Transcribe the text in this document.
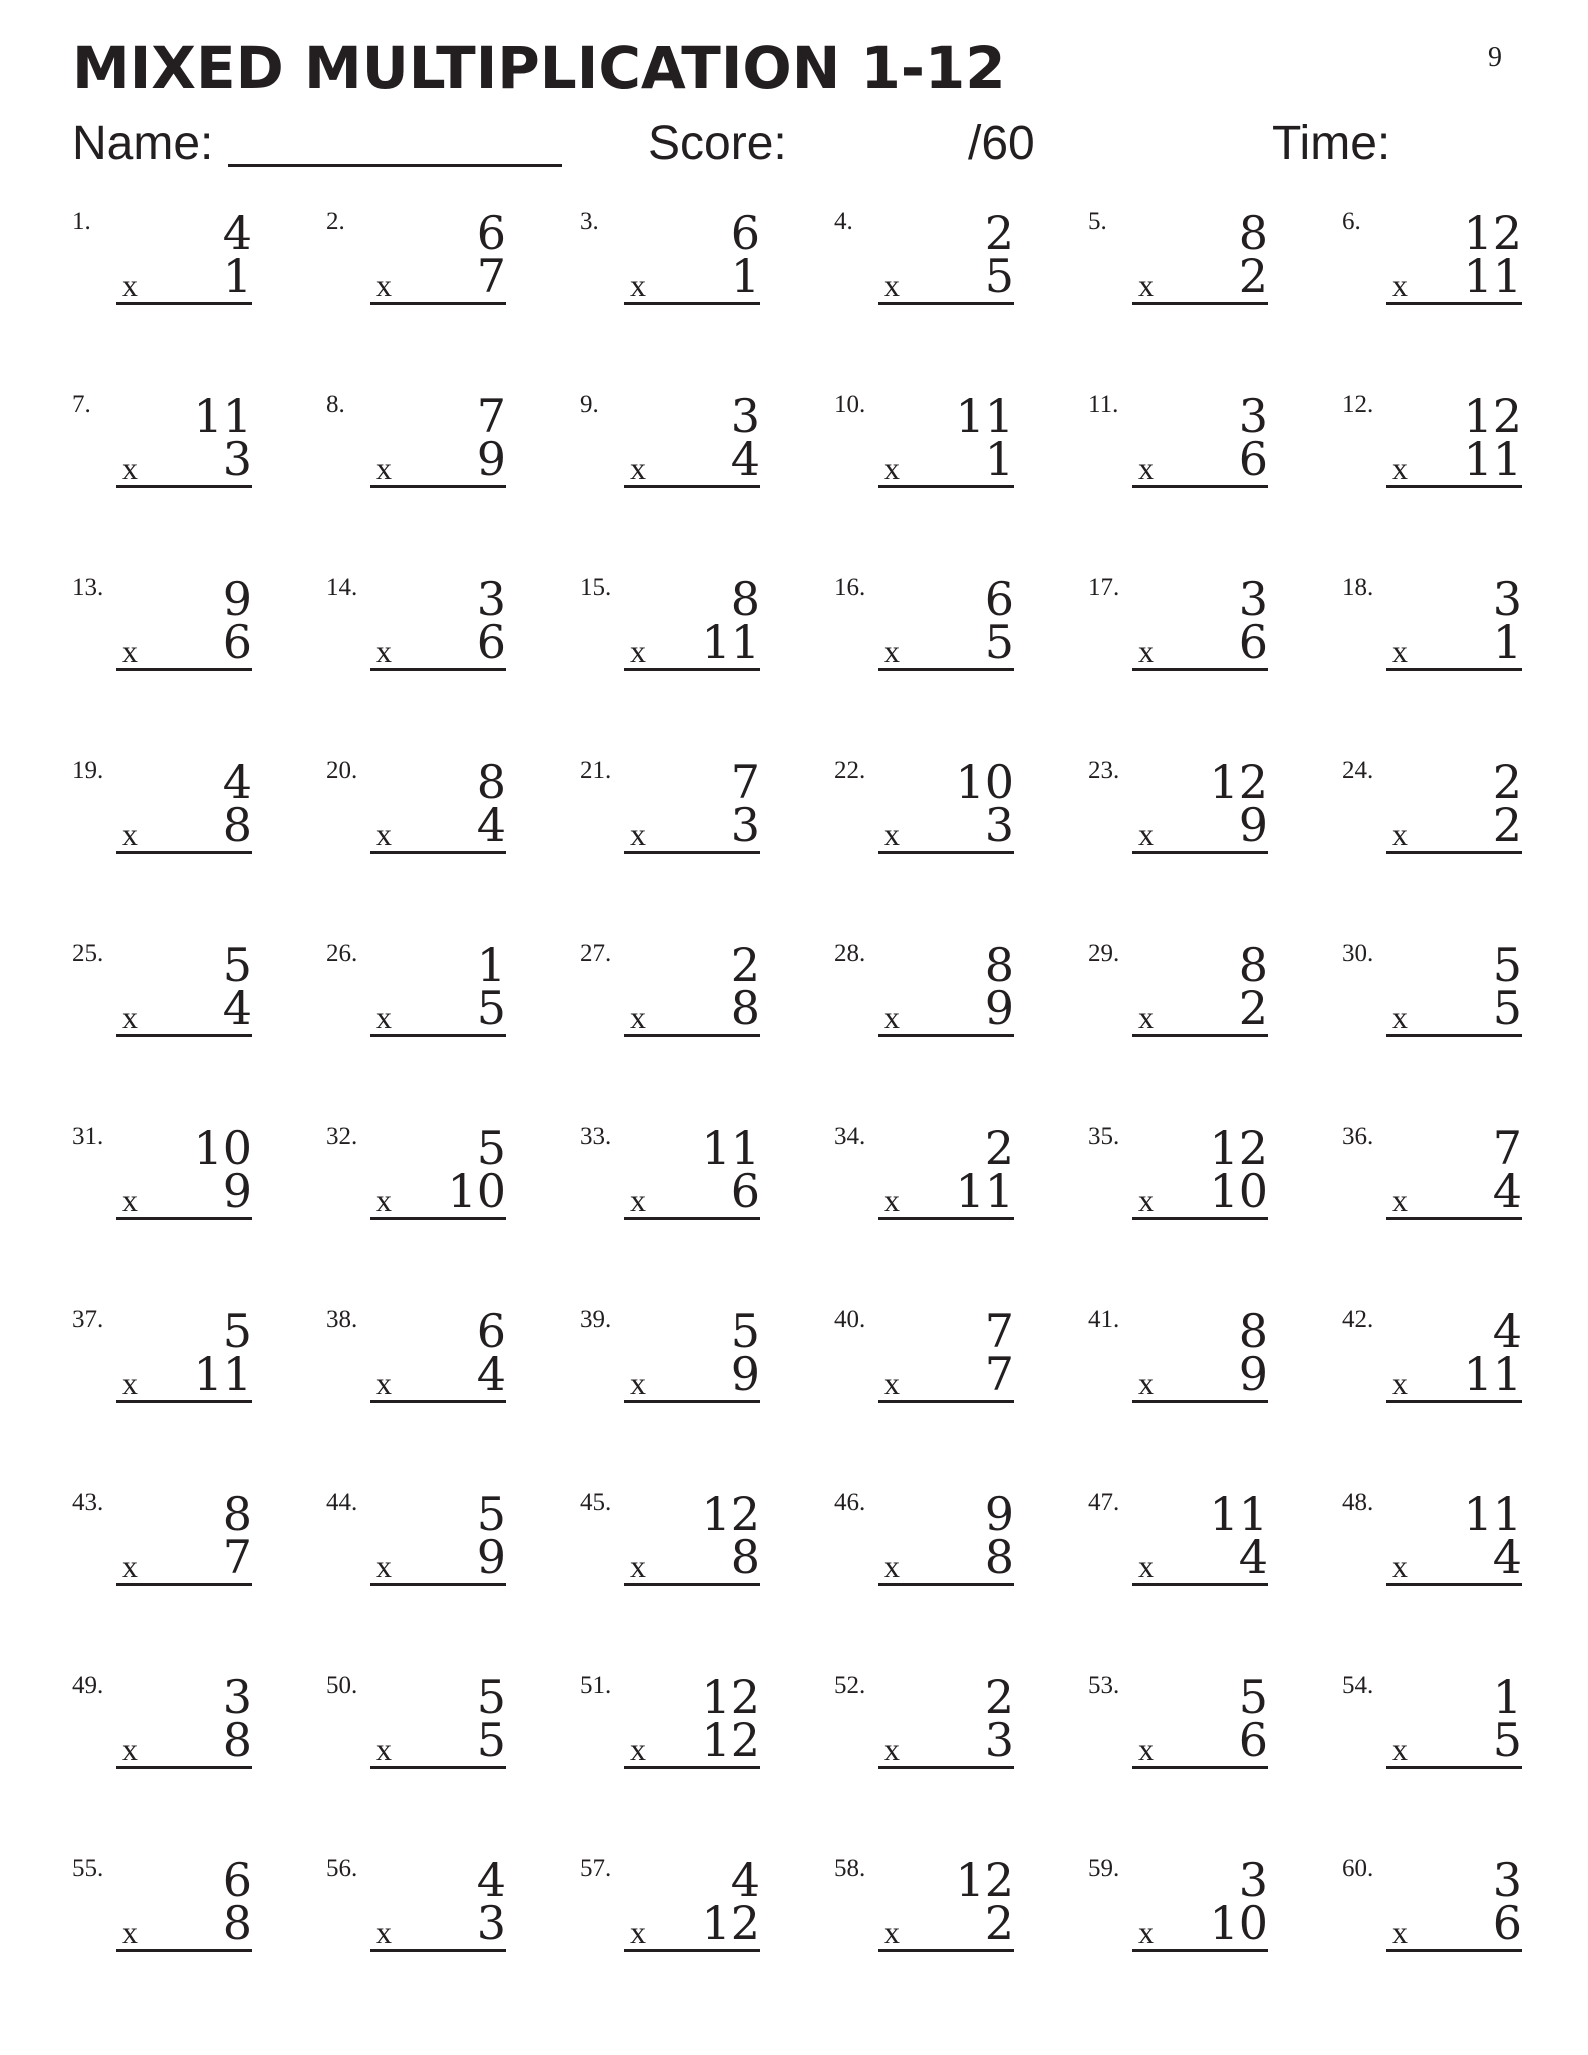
MIXED MULTIPLICATION 1-12	9
Name:	Score:	/60	Time:
1.	4
x 1
2.	6
x 7
3.	6
x 1
4.	2
x 5
5.	8
x 2
6. 12
x 11
7. 11
x 3
8.	7
x 9
9.	3
x 4
10. 11
x 1
11.	3
x 6
12. 12
x 11
13.	9
x 6
14.	3
x 6
15.	8
x 11
16.	6
x 5
17.	3
x 6
18.	3
x 1
19.	4
x 8
20.	8
x 4
21.	7
x 3
22. 10
x 3
23. 12
x 9
24.	2
x 2
25.	5
x 4
26.	1
x 5
27.	2
x 8
28.	8
x 9
29.	8
x 2
30.	5
x 5
31. 10
x 9
32.	5
x 10
33. 11
x 6
34.	2
x 11
35. 12
x 10
36.	7
x 4
37.	5
x 11
38.	6
x 4
39.	5
x 9
40.	7
x 7
41.	8
x 9
42.	4
x 11
43.	8
x 7
44.	5
x 9
45. 12
x 8
46.	9
x 8
47. 11
x 4
48. 11
x 4
49.	3
x 8
50.	5
x 5
51. 12
x 12
52.	2
x 3
53.	5
x 6
54.	1
x 5
55.	6
x 8
56.	4
x 3
57.	4
x 12
58. 12
x 2
59.	3
x 10
60.	3
x 6
